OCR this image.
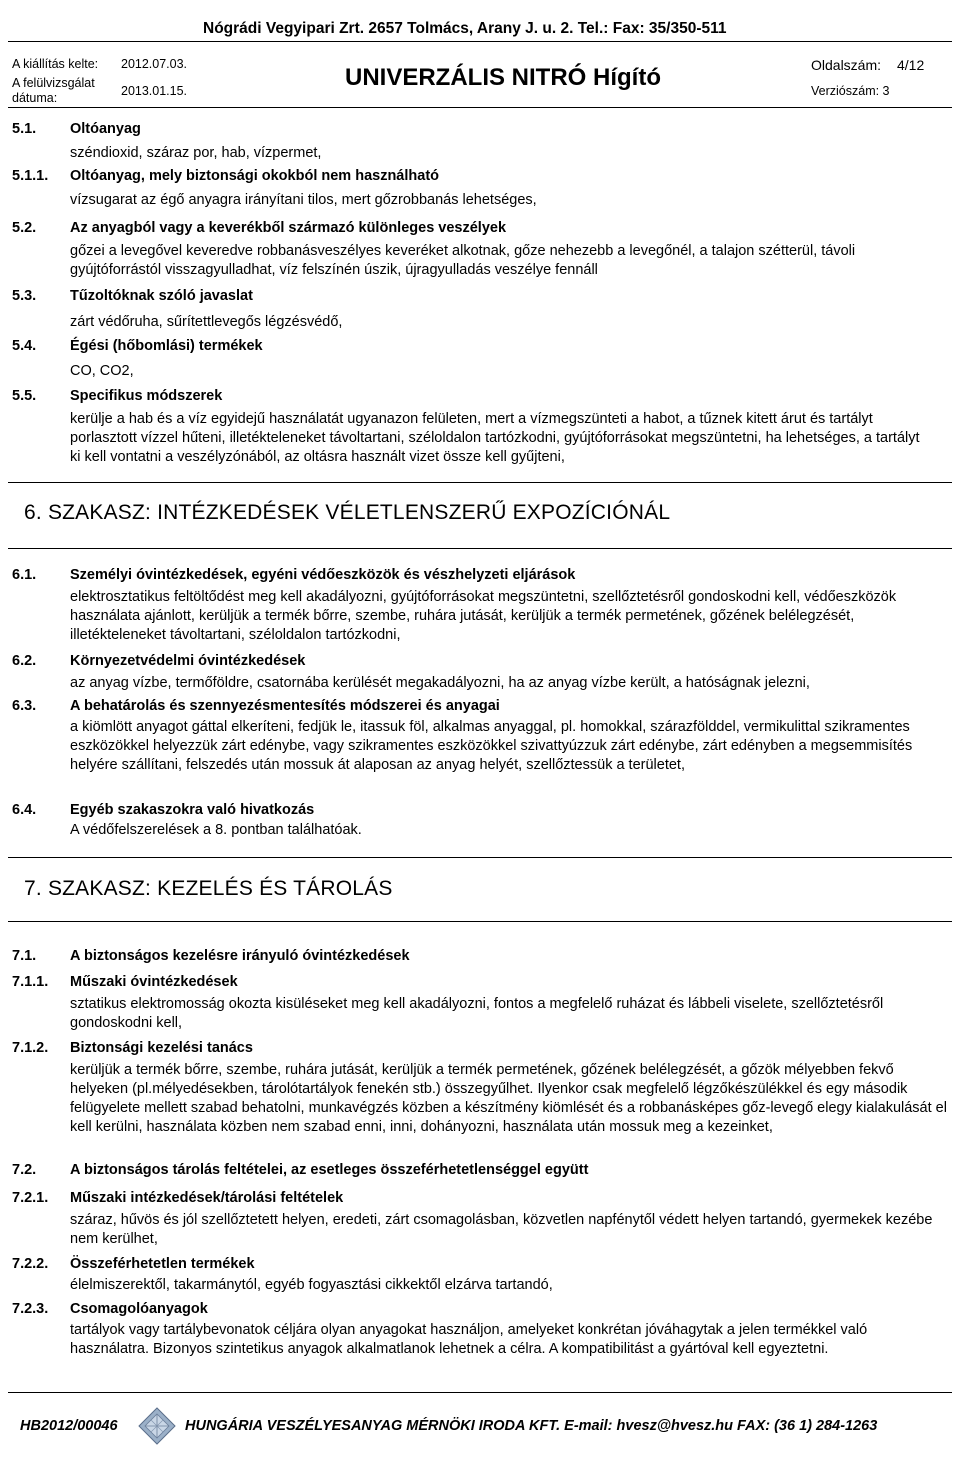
Nógrádi Vegyipari Zrt. 2657 Tolmács, Arany J. u. 2. Tel.: Fax: 35/350-511
A kiállítás kelte: 2012.07.03.
A felülvizsgálat
dátuma:	2013.01.15.	UNIVERZÁLIS NITRÓ Hígító	Oldalszám: 4/12
Verziószám: 3
5.1. Oltóanyag
széndioxid, száraz por, hab, vízpermet,
5.1.1. Oltóanyag, mely biztonsági okokból nem használható
vízsugarat az égő anyagra irányítani tilos, mert gőzrobbanás lehetséges,
5.2. Az anyagból vagy a keverékből származó különleges veszélyek
gőzei a levegővel keveredve robbanásveszélyes keveréket alkotnak, gőze nehezebb a levegőnél, a talajon szétterül, távoli gyújtóforrástól visszagyulladhat, víz felszínén úszik, újragyulladás veszélye fennáll
5.3. Tűzoltóknak szóló javaslat
zárt védőruha, sűrítettlevegős légzésvédő,
5.4. Égési (hőbomlási) termékek
CO, CO2,
5.5. Specifikus módszerek
kerülje a hab és a víz egyidejű használatát ugyanazon felületen, mert a vízmegszünteti a habot, a tűznek kitett árut és tartályt porlasztott vízzel hűteni, illetékteleneket távoltartani, széloldalon tartózkodni, gyújtóforrásokat megszüntetni, ha lehetséges, a tartályt ki kell vontatni a veszélyzónából, az oltásra használt vizet össze kell gyűjteni,
6. SZAKASZ: INTÉZKEDÉSEK VÉLETLENSZERŰ EXPOZÍCIÓNÁL
6.1. Személyi óvintézkedések, egyéni védőeszközök és vészhelyzeti eljárások
elektrosztatikus feltöltődést meg kell akadályozni, gyújtóforrásokat megszüntetni, szellőztetésről gondoskodni kell, védőeszközök használata ajánlott, kerüljük a termék bőrre, szembe, ruhára jutását, kerüljük a termék permetének, gőzének belélegzését, illetékteleneket távoltartani, széloldalon tartózkodni,
6.2. Környezetvédelmi óvintézkedések
az anyag vízbe, termőföldre, csatornába kerülését megakadályozni, ha az anyag vízbe került, a hatóságnak jelezni,
6.3. A behatárolás és szennyezésmentesítés módszerei és anyagai
a kiömlött anyagot gáttal elkeríteni, fedjük le, itassuk föl, alkalmas anyaggal, pl. homokkal, szárazfölddel, vermikulittal szikramentes eszközökkel helyezzük zárt edénybe, vagy szikramentes eszközökkel szivattyúzzuk zárt edénybe, zárt edényben a megsemmisítés helyére szállítani, felszedés után mossuk át alaposan az anyag helyét, szellőztessük a területet,
6.4. Egyéb szakaszokra való hivatkozás
A védőfelszerelések a 8. pontban találhatóak.
7. SZAKASZ: KEZELÉS ÉS TÁROLÁS
7.1. A biztonságos kezelésre irányuló óvintézkedések
7.1.1. Műszaki óvintézkedések
sztatikus elektromosság okozta kisüléseket meg kell akadályozni, fontos a megfelelő ruházat és lábbeli viselete, szellőztetésről gondoskodni kell,
7.1.2. Biztonsági kezelési tanács
kerüljük a termék bőrre, szembe, ruhára jutását, kerüljük a termék permetének, gőzének belélegzését, a gőzök mélyebben fekvő helyeken (pl.mélyedésekben, tárolótartályok fenekén stb.) összegyűlhet. Ilyenkor csak megfelelő légzőkészülékkel és egy második felügyelete mellett szabad behatolni, munkavégzés közben a készítmény kiömlését és a robbanásképes gőz-levegő elegy kialakulását el kell kerülni, használata közben nem szabad enni, inni, dohányozni, használata után mossuk meg a kezeinket,
7.2. A biztonságos tárolás feltételei, az esetleges összeférhetetlenséggel együtt
7.2.1. Műszaki intézkedések/tárolási feltételek
száraz, hűvös és jól szellőztetett helyen, eredeti, zárt csomagolásban, közvetlen napfénytől védett helyen tartandó, gyermekek kezébe nem kerülhet,
7.2.2. Összeférhetetlen termékek
élelmiszerektől, takarmánytól, egyéb fogyasztási cikkektől elzárva tartandó,
7.2.3. Csomagolóanyagok
tartályok vagy tartálybevonatok céljára olyan anyagokat használjon, amelyeket konkrétan jóváhagytak a jelen termékkel való használatra. Bizonyos szintetikus anyagok alkalmatlanok lehetnek a célra. A kompatibilitást a gyártóval kell egyeztetni.
HB2012/00046	HUNGÁRIA VESZÉLYESANYAG MÉRNÖKI IRODA KFT. E-mail: hvesz@hvesz.hu FAX: (36 1) 284-1263
